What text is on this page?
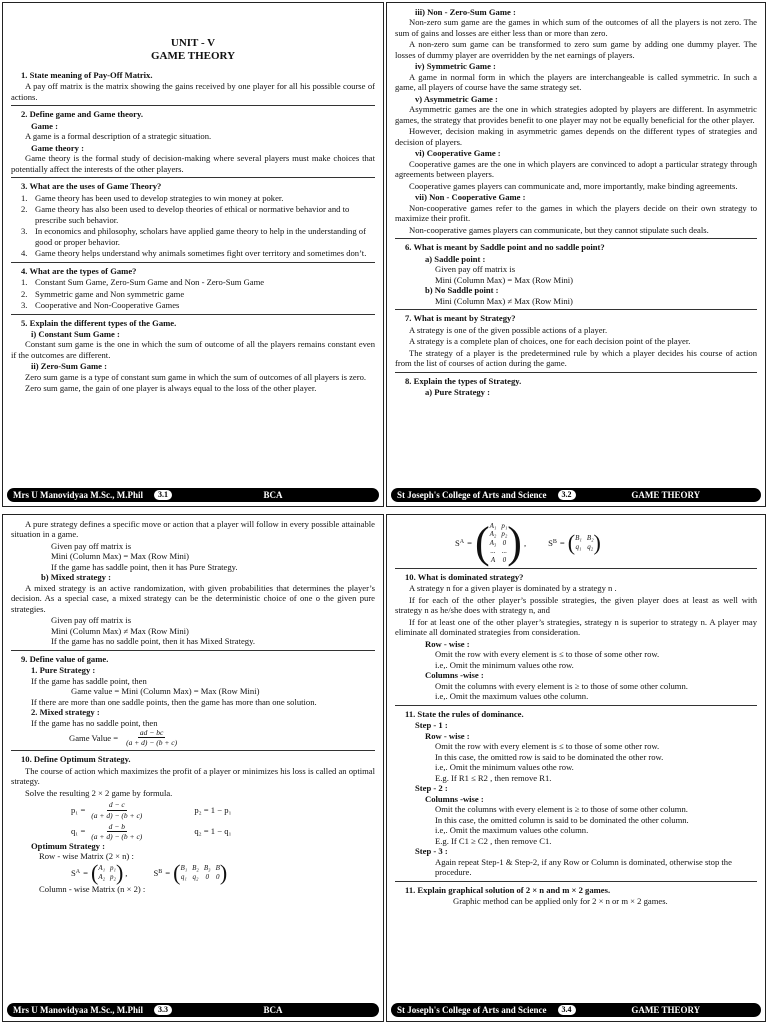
UNIT - V
GAME THEORY
1. State meaning of Pay-Off Matrix.
A pay off matrix is the matrix showing the gains received by one player for all his possible course of actions.
2. Define game and Game theory.
Game :
A game is a formal description of a strategic situation.
Game theory :
Game theory is the formal study of decision-making where several players must make choices that potentially affect the interests of the other players.
3. What are the uses of Game Theory?
1. Game theory has been used to develop strategies to win money at poker.
2. Game theory has also been used to develop theories of ethical or normative behavior and to prescribe such behavior.
3. In economics and philosophy, scholars have applied game theory to help in the understanding of good or proper behavior.
4. Game theory helps understand why animals sometimes fight over territory and sometimes don’t.
4. What are the types of Game?
1. Constant Sum Game, Zero-Sum Game and Non - Zero-Sum Game
2. Symmetric game and Non symmetric game
3. Cooperative and Non-Cooperative Games
5. Explain the different types of the Game.
i) Constant Sum Game :
Constant sum game is the one in which the sum of outcome of all the players remains constant even if the outcomes are different.
ii) Zero-Sum Game :
Zero sum game is a type of constant sum game in which the sum of outcomes of all players is zero.
Zero sum game, the gain of one player is always equal to the loss of the other player.
Mrs U Manovidyaa M.Sc., M.Phil	3.1	BCA
iii) Non - Zero-Sum Game :
Non-zero sum game are the games in which sum of the outcomes of all the players is not zero. The sum of gains and losses are either less than or more than zero.
A non-zero sum game can be transformed to zero sum game by adding one dummy player. The losses of dummy player are overridden by the net earnings of players.
iv) Symmetric Game :
A game in normal form in which the players are interchangeable is called symmetric. In such a game, all players of course have the same strategy set.
v) Asymmetric Game :
Asymmetric games are the one in which strategies adopted by players are different. In asymmetric games, the strategy that provides benefit to one player may not be equally beneficial for the other player.
However, decision making in asymmetric games depends on the different types of strategies and decision of players.
vi) Cooperative Game :
Cooperative games are the one in which players are convinced to adopt a particular strategy through agreements between players.
Cooperative games players can communicate and, more importantly, make binding agreements.
vii) Non - Cooperative Game :
Non-cooperative games refer to the games in which the players decide on their own strategy to maximize their profit.
Non-cooperative games players can communicate, but they cannot stipulate such deals.
6. What is meant by Saddle point and no saddle point?
a) Saddle point :
Given pay off matrix is
Mini (Column Max) = Max (Row Mini)
b) No Saddle point :
Mini (Column Max) ≠ Max (Row Mini)
7. What is meant by Strategy?
A strategy is one of the given possible actions of a player.
A strategy is a complete plan of choices, one for each decision point of the player.
The strategy of a player is the predetermined rule by which a player decides his course of action from the list of courses of action during the game.
8. Explain the types of Strategy.
a) Pure Strategy :
St Joseph's College of Arts and Science	3.2	GAME THEORY
A pure strategy defines a specific move or action that a player will follow in every possible attainable situation in a game.
Given pay off matrix is
Mini (Column Max) = Max (Row Mini)
If the game has saddle point, then it has Pure Strategy.
b) Mixed strategy :
A mixed strategy is an active randomization, with given probabilities that determines the player’s decision. As a special case, a mixed strategy can be the deterministic choice of one o the given pure strategies.
Given pay off matrix is
Mini (Column Max) ≠ Max (Row Mini)
If the game has no saddle point, then it has Mixed Strategy.
9. Define value of game.
1. Pure Strategy :
If the game has saddle point, then
Game value = Mini (Column Max) = Max (Row Mini)
If there are more than one saddle points, then the game has more than one solution.
2. Mixed strategy :
If the game has no saddle point, then
Game Value = $\frac{ad - bc}{(a + d) - (b + c)}$
10. Define Optimum Strategy.
The course of action which maximizes the profit of a player or minimizes his loss is called an optimal strategy.
Solve the resulting 2 × 2 game by formula.
$p_1 = \frac{d - c}{(a + d) - (b + c)}$	p₂ = 1 − p₁
$q_1 = \frac{d - b}{(a + d) - (b + c)}$	q₂ = 1 − q₁
Optimum Strategy :
Row - wise Matrix (2 × n) :
S A = ( A₁ p₁
A₂ p₂ ) ,	S B = ( B₁ B₂ B₃ B
q₁ q₂ 0 0 )
Column - wise Matrix (n × 2) :
Mrs U Manovidyaa M.Sc., M.Phil	3.3	BCA
S A = ( A₁ p₁
A₂ p₂
A₃ 0
... ...
A 0 ) ,	S B = ( B₁ B₂
q₁ q₂ )
10. What is dominated strategy?
A strategy n for a given player is dominated by a strategy n .
If for each of the other player’s possible strategies, the given player does at least as well with strategy n as he/she does with strategy n, and
If for at least one of the other player’s strategies, strategy n is superior to strategy n. A player may eliminate all dominated strategies from consideration.
Row - wise :
Omit the row with every element is ≤ to those of some other row.
i.e,. Omit the minimum values othe row.
Columns -wise :
Omit the columns with every element is ≥ to those of some other column.
i.e,. Omit the maximum values othe column.
11. State the rules of dominance.
Step - 1 :
Row - wise :
Omit the row with every element is ≤ to those of some other row.
In this case, the omitted row is said to be dominated the other row.
i.e,. Omit the minimum values othe row.
E.g. If R1 ≤ R2 , then remove R1.
Step - 2 :
Columns -wise :
Omit the columns with every element is ≥ to those of some other column.
In this case, the omitted column is said to be dominated the other column.
i.e,. Omit the maximum values othe column.
E.g. If C1 ≥ C2 , then remove C1.
Step - 3 :
Again repeat Step-1 & Step-2, if any Row or Column is dominated, otherwise stop the procedure.
11. Explain graphical solution of 2 × n and m × 2 games.
Graphic method can be applied only for 2 × n or m × 2 games.
St Joseph's College of Arts and Science	3.4	GAME THEORY
